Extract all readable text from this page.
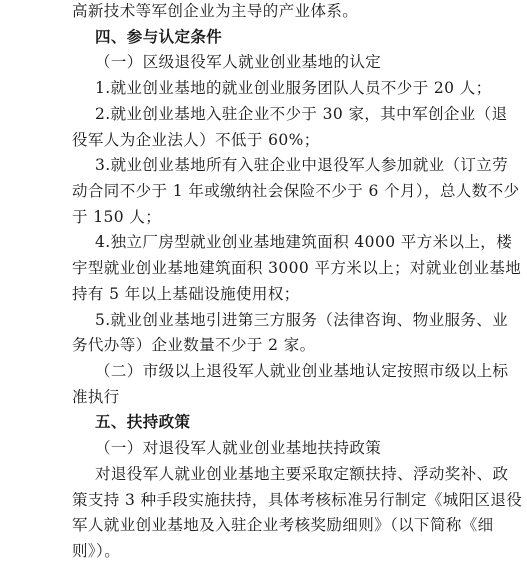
高新技术等军创企业为主导的产业体系。
四、参与认定条件
（一）区级退役军人就业创业基地的认定
1.就业创业基地的就业创业服务团队人员不少于 20 人；
2.就业创业基地入驻企业不少于 30 家，其中军创企业（退
役军人为企业法人）不低于 60%；
3.就业创业基地所有入驻企业中退役军人参加就业（订立劳
动合同不少于 1 年或缴纳社会保险不少于 6 个月），总人数不少
于 150 人；
4.独立厂房型就业创业基地建筑面积 4000 平方米以上，楼
宇型就业创业基地建筑面积 3000 平方米以上；对就业创业基地
持有 5 年以上基础设施使用权；
5.就业创业基地引进第三方服务（法律咨询、物业服务、业
务代办等）企业数量不少于 2 家。
（二）市级以上退役军人就业创业基地认定按照市级以上标
准执行
五、扶持政策
（一）对退役军人就业创业基地扶持政策
对退役军人就业创业基地主要采取定额扶持、浮动奖补、政
策支持 3 种手段实施扶持，具体考核标准另行制定《城阳区退役
军人就业创业基地及入驻企业考核奖励细则》（以下简称《细
则》）。
